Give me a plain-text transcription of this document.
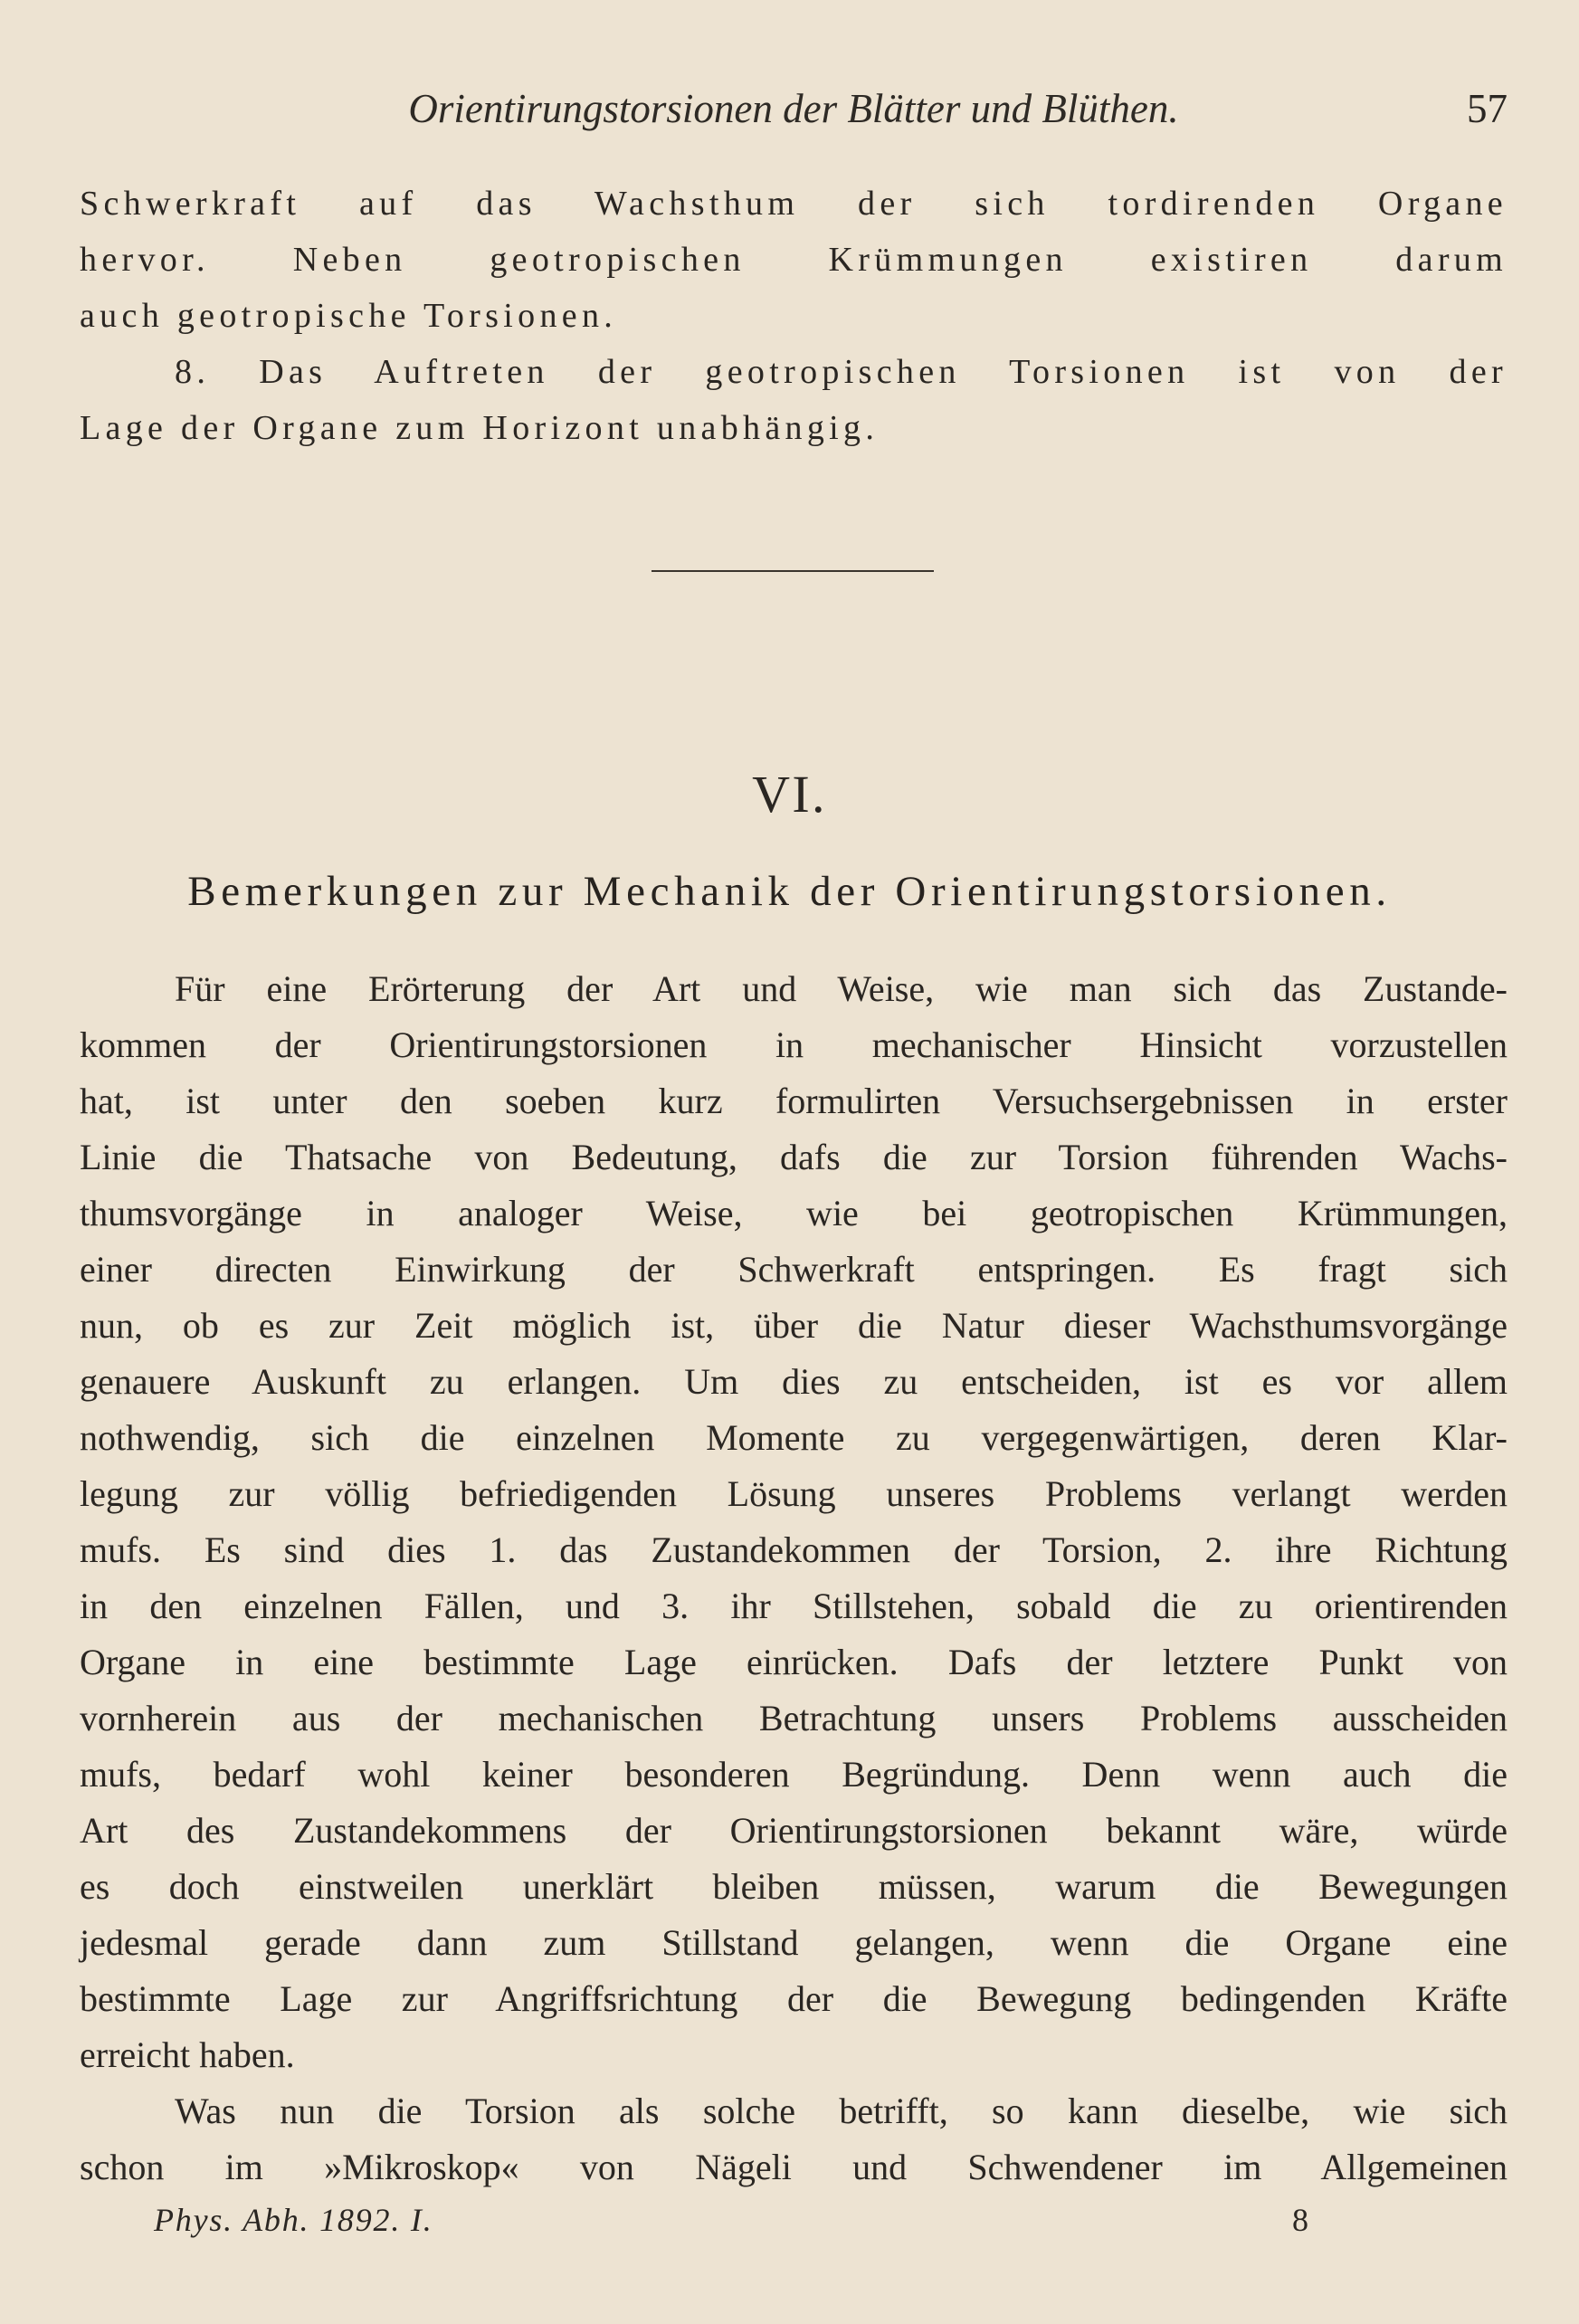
Orientirungstorsionen der Blätter und Blüthen.	57
Schwerkraft auf das Wachsthum der sich tordirenden Organe
hervor. Neben geotropischen Krümmungen existiren darum
auch geotropische Torsionen.
8. Das Auftreten der geotropischen Torsionen ist von der
Lage der Organe zum Horizont unabhängig.
VI.
Bemerkungen zur Mechanik der Orientirungstorsionen.
Für eine Erörterung der Art und Weise, wie man sich das Zustande-
kommen der Orientirungstorsionen in mechanischer Hinsicht vorzustellen
hat, ist unter den soeben kurz formulirten Versuchsergebnissen in erster
Linie die Thatsache von Bedeutung, dafs die zur Torsion führenden Wachs-
thumsvorgänge in analoger Weise, wie bei geotropischen Krümmungen,
einer directen Einwirkung der Schwerkraft entspringen. Es fragt sich
nun, ob es zur Zeit möglich ist, über die Natur dieser Wachsthumsvorgänge
genauere Auskunft zu erlangen. Um dies zu entscheiden, ist es vor allem
nothwendig, sich die einzelnen Momente zu vergegenwärtigen, deren Klar-
legung zur völlig befriedigenden Lösung unseres Problems verlangt werden
mufs. Es sind dies 1. das Zustandekommen der Torsion, 2. ihre Richtung
in den einzelnen Fällen, und 3. ihr Stillstehen, sobald die zu orientirenden
Organe in eine bestimmte Lage einrücken. Dafs der letztere Punkt von
vornherein aus der mechanischen Betrachtung unsers Problems ausscheiden
mufs, bedarf wohl keiner besonderen Begründung. Denn wenn auch die
Art des Zustandekommens der Orientirungstorsionen bekannt wäre, würde
es doch einstweilen unerklärt bleiben müssen, warum die Bewegungen
jedesmal gerade dann zum Stillstand gelangen, wenn die Organe eine
bestimmte Lage zur Angriffsrichtung der die Bewegung bedingenden Kräfte
erreicht haben.
Was nun die Torsion als solche betrifft, so kann dieselbe, wie sich
schon im »Mikroskop« von Nägeli und Schwendener im Allgemeinen
Phys. Abh. 1892. I.	8
